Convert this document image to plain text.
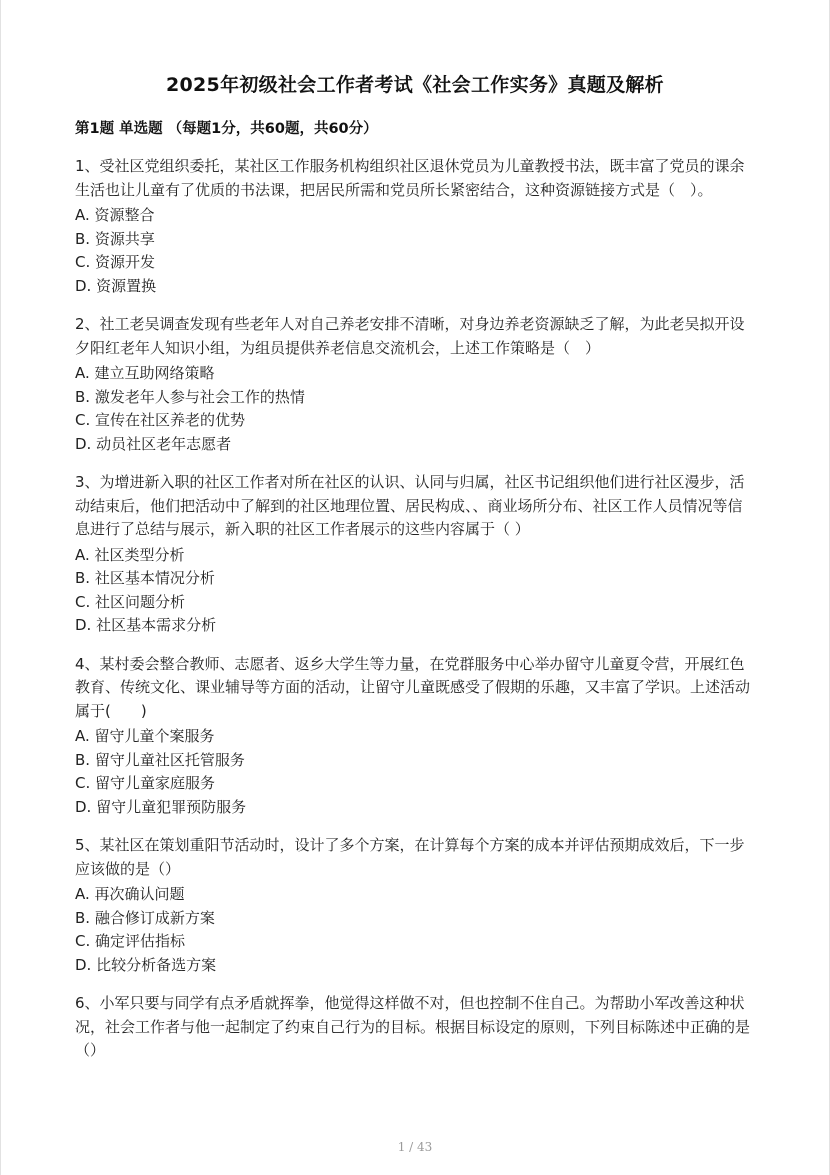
2025年初级社会工作者考试《社会工作实务》真题及解析

第1题 单选题 （每题1分，共60题，共60分）

1、受社区党组织委托，某社区工作服务机构组织社区退休党员为儿童教授书法，既丰富了党员的课余生活也让儿童有了优质的书法课，把居民所需和党员所长紧密结合，这种资源链接方式是（　）。

A. 资源整合

B. 资源共享

C. 资源开发

D. 资源置换

2、社工老吴调查发现有些老年人对自己养老安排不清晰，对身边养老资源缺乏了解，为此老吴拟开设夕阳红老年人知识小组，为组员提供养老信息交流机会，上述工作策略是（　）

A. 建立互助网络策略

B. 激发老年人参与社会工作的热情

C. 宣传在社区养老的优势

D. 动员社区老年志愿者

3、为增进新入职的社区工作者对所在社区的认识、认同与归属，社区书记组织他们进行社区漫步，活动结束后，他们把活动中了解到的社区地理位置、居民构成、、商业场所分布、社区工作人员情况等信息进行了总结与展示，新入职的社区工作者展示的这些内容属于（ ）

A. 社区类型分析

B. 社区基本情况分析

C. 社区问题分析

D. 社区基本需求分析

4、某村委会整合教师、志愿者、返乡大学生等力量，在党群服务中心举办留守儿童夏令营，开展红色教育、传统文化、课业辅导等方面的活动，让留守儿童既感受了假期的乐趣，又丰富了学识。上述活动属于(　　)

A. 留守儿童个案服务

B. 留守儿童社区托管服务

C. 留守儿童家庭服务

D. 留守儿童犯罪预防服务

5、某社区在策划重阳节活动时，设计了多个方案，在计算每个方案的成本并评估预期成效后，下一步应该做的是（）

A. 再次确认问题

B. 融合修订成新方案

C. 确定评估指标

D. 比较分析备选方案

6、小军只要与同学有点矛盾就挥拳，他觉得这样做不对，但也控制不住自己。为帮助小军改善这种状况，社会工作者与他一起制定了约束自己行为的目标。根据目标设定的原则，下列目标陈述中正确的是（）

1 / 43
